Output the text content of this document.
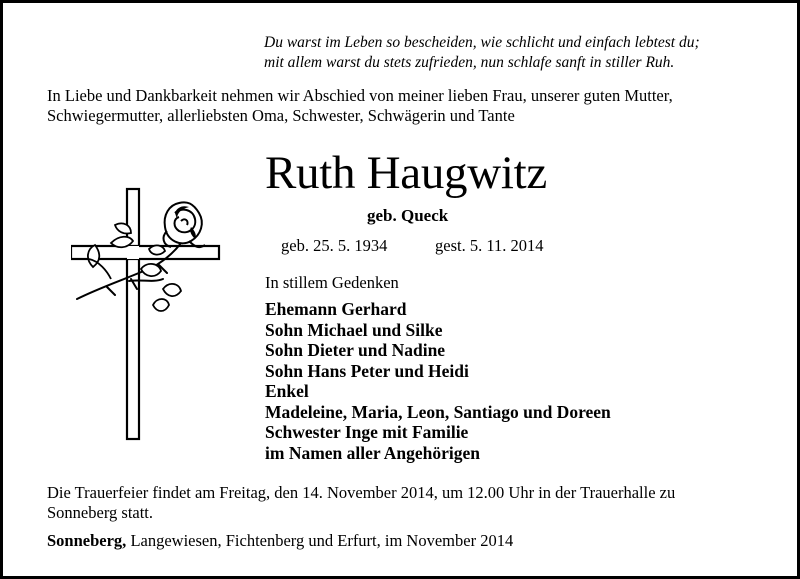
Du warst im Leben so bescheiden, wie schlicht und einfach lebtest du;
mit allem warst du stets zufrieden, nun schlafe sanft in stiller Ruh.
In Liebe und Dankbarkeit nehmen wir Abschied von meiner lieben Frau, unserer guten Mutter,
Schwiegermutter, allerliebsten Oma, Schwester, Schwägerin und Tante
Ruth Haugwitz
geb. Queck
geb. 25. 5. 1934	gest. 5. 11. 2014
In stillem Gedenken
Ehemann Gerhard
Sohn Michael und Silke
Sohn Dieter und Nadine
Sohn Hans Peter und Heidi
Enkel
Madeleine, Maria, Leon, Santiago und Doreen
Schwester Inge mit Familie
im Namen aller Angehörigen
Die Trauerfeier findet am Freitag, den 14. November 2014, um 12.00 Uhr in der Trauerhalle zu
Sonneberg statt.
Sonneberg, Langewiesen, Fichtenberg und Erfurt, im November 2014
